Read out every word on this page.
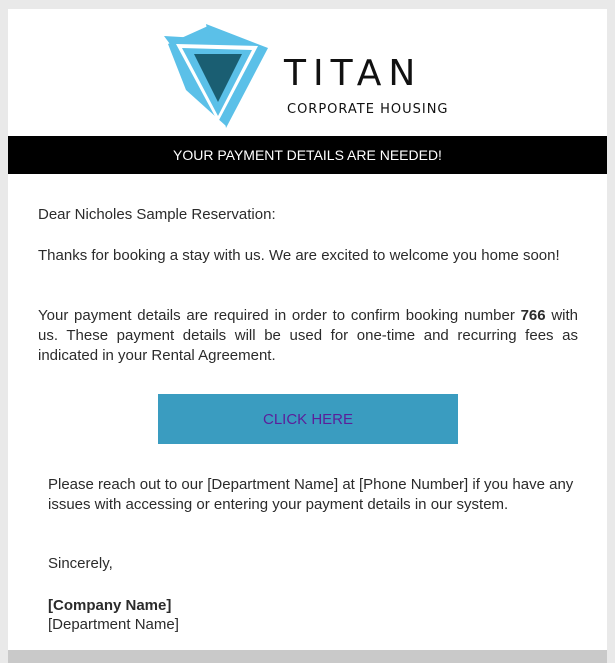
TITAN
CORPORATE HOUSING
YOUR PAYMENT DETAILS ARE NEEDED!
Dear Nicholes Sample Reservation:
Thanks for booking a stay with us. We are excited to welcome you home soon!
Your payment details are required in order to confirm booking number 766 with us. These payment details will be used for one-time and recurring fees as indicated in your Rental Agreement.
CLICK HERE
Please reach out to our [Department Name] at [Phone Number] if you have any issues with accessing or entering your payment details in our system.
Sincerely,
[Company Name]
[Department Name]
